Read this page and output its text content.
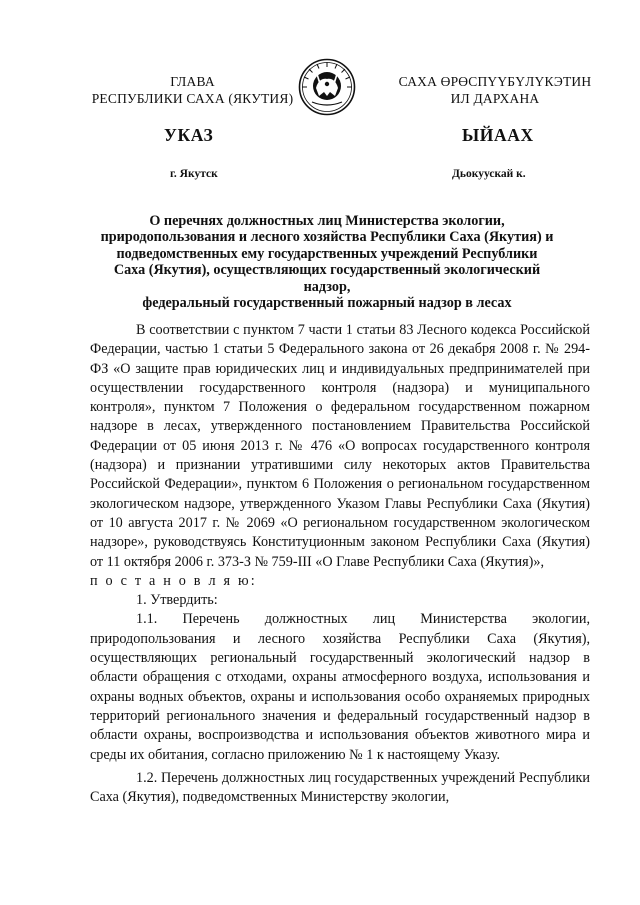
ГЛАВА
РЕСПУБЛИКИ САХА (ЯКУТИЯ)
САХА ӨРӨСПҮҮБҮЛҮКЭТИН
ИЛ ДАРХАНА
УКАЗ	ЫЙААХ
г. Якутск	Дьокуускай к.
О перечнях должностных лиц Министерства экологии,
природопользования и лесного хозяйства Республики Саха (Якутия) и
подведомственных ему государственных учреждений Республики
Саха (Якутия), осуществляющих государственный экологический надзор,
федеральный государственный пожарный надзор в лесах

В соответствии с пунктом 7 части 1 статьи 83 Лесного кодекса Российской Федерации, частью 1 статьи 5 Федерального закона от 26 декабря 2008 г. № 294-ФЗ «О защите прав юридических лиц и индивидуальных предпринимателей при осуществлении государственного контроля (надзора) и муниципального контроля», пунктом 7 Положения о федеральном государственном пожарном надзоре в лесах, утвержденного постановлением Правительства Российской Федерации от 05 июня 2013 г. № 476 «О вопросах государственного контроля (надзора) и признании утратившими силу некоторых актов Правительства Российской Федерации», пунктом 6 Положения о региональном государственном экологическом надзоре, утвержденного Указом Главы Республики Саха (Якутия) от 10 августа 2017 г. № 2069 «О региональном государственном экологическом надзоре», руководствуясь Конституционным законом Республики Саха (Якутия) от 11 октября 2006 г. 373-З № 759-III «О Главе Республики Саха (Якутия)»,

п о с т а н о в л я ю:

1. Утвердить:

1.1. Перечень должностных лиц Министерства экологии, природопользования и лесного хозяйства Республики Саха (Якутия), осуществляющих региональный государственный экологический надзор в области обращения с отходами, охраны атмосферного воздуха, использования и охраны водных объектов, охраны и использования особо охраняемых природных территорий регионального значения и федеральный государственный надзор в области охраны, воспроизводства и использования объектов животного мира и среды их обитания, согласно приложению № 1 к настоящему Указу.

1.2. Перечень должностных лиц государственных учреждений Республики Саха (Якутия), подведомственных Министерству экологии,
